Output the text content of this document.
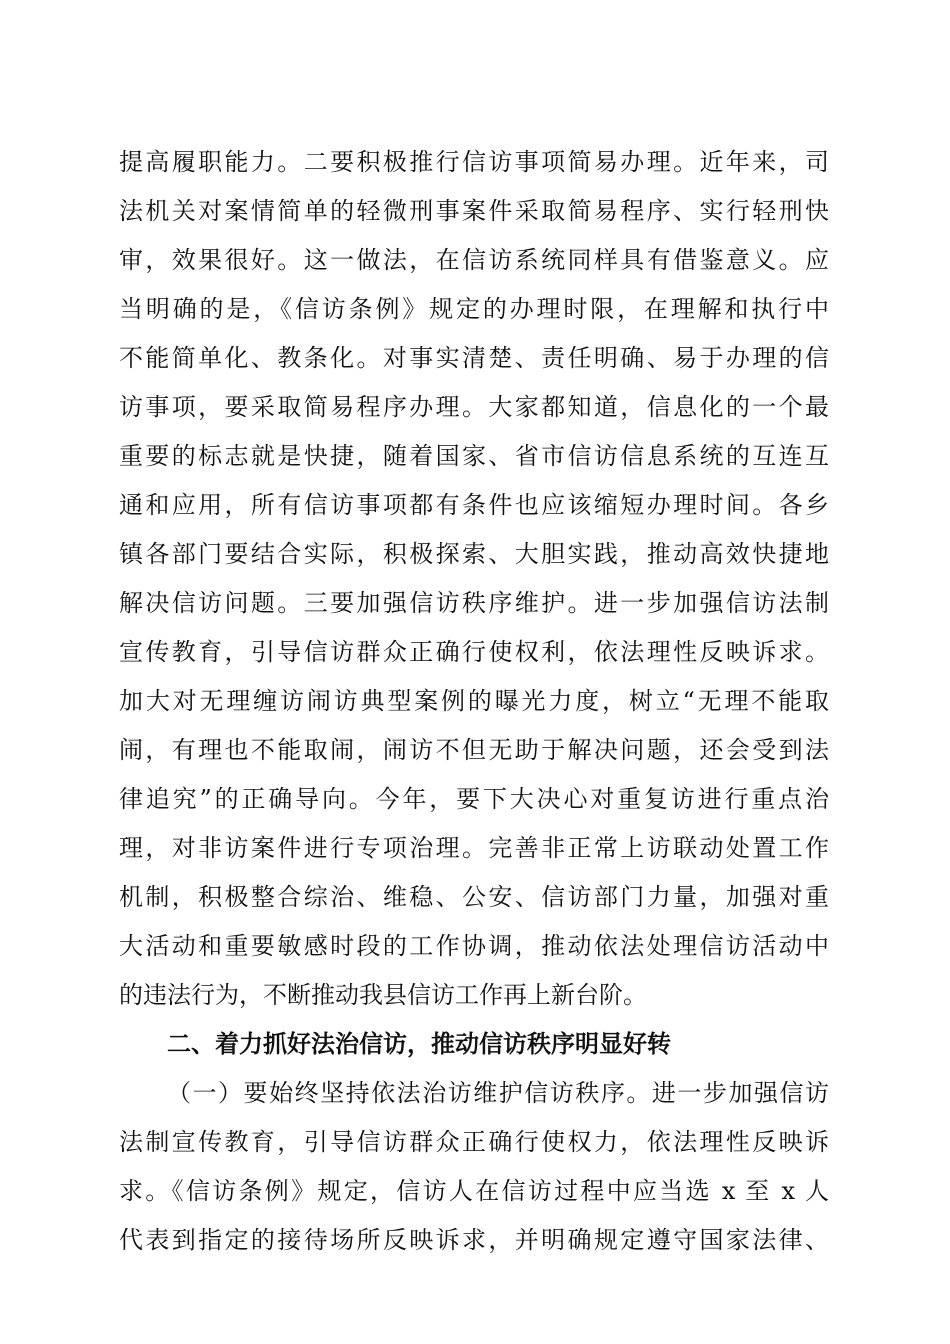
提高履职能力。二要积极推行信访事项简易办理。近年来，司
法机关对案情简单的轻微刑事案件采取简易程序、实行轻刑快
审，效果很好。这一做法，在信访系统同样具有借鉴意义。应
当明确的是，《信访条例》规定的办理时限，在理解和执行中
不能简单化、教条化。对事实清楚、责任明确、易于办理的信
访事项，要采取简易程序办理。大家都知道，信息化的一个最
重要的标志就是快捷，随着国家、省市信访信息系统的互连互
通和应用，所有信访事项都有条件也应该缩短办理时间。各乡
镇各部门要结合实际，积极探索、大胆实践，推动高效快捷地
解决信访问题。三要加强信访秩序维护。进一步加强信访法制
宣传教育，引导信访群众正确行使权利，依法理性反映诉求。
加大对无理缠访闹访典型案例的曝光力度，树立“无理不能取
闹，有理也不能取闹，闹访不但无助于解决问题，还会受到法
律追究”的正确导向。今年，要下大决心对重复访进行重点治
理，对非访案件进行专项治理。完善非正常上访联动处置工作
机制，积极整合综治、维稳、公安、信访部门力量，加强对重
大活动和重要敏感时段的工作协调，推动依法处理信访活动中
的违法行为，不断推动我县信访工作再上新台阶。
二、着力抓好法治信访，推动信访秩序明显好转
（一）要始终坚持依法治访维护信访秩序。进一步加强信访
法制宣传教育，引导信访群众正确行使权力，依法理性反映诉
求。《信访条例》规定，信访人在信访过程中应当选 x 至 x 人
代表到指定的接待场所反映诉求，并明确规定遵守国家法律、
